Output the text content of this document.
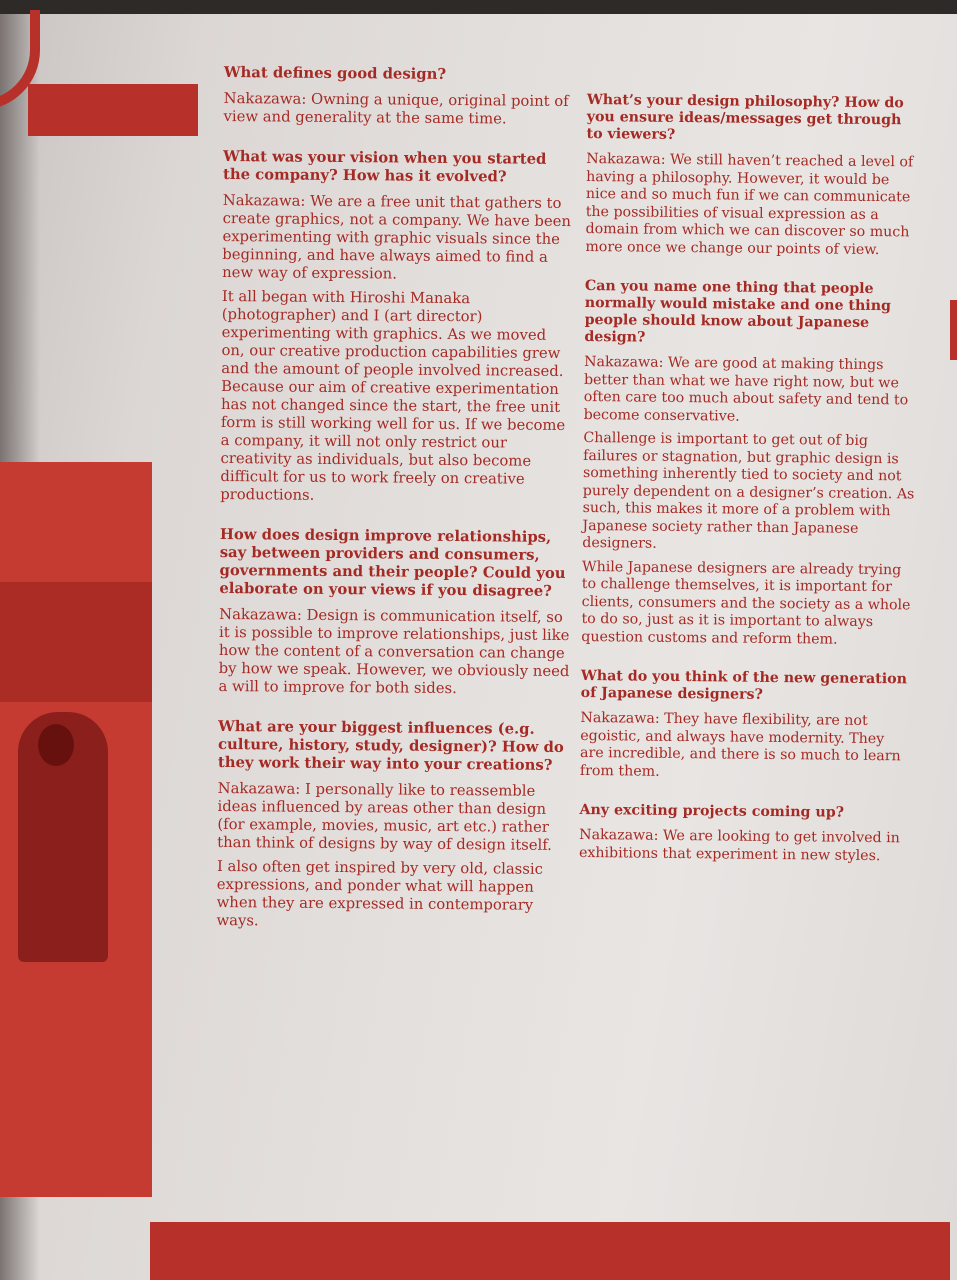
What defines good design?

Nakazawa: Owning a unique, original point of view and generality at the same time.

What was your vision when you started the company? How has it evolved?

Nakazawa: We are a free unit that gathers to create graphics, not a company. We have been experimenting with graphic visuals since the beginning, and have always aimed to find a new way of expression.

It all began with Hiroshi Manaka (photographer) and I (art director) experimenting with graphics. As we moved on, our creative production capabilities grew and the amount of people involved increased. Because our aim of creative experimentation has not changed since the start, the free unit form is still working well for us. If we become a company, it will not only restrict our creativity as individuals, but also become difficult for us to work freely on creative productions.

How does design improve relationships, say between providers and consumers, governments and their people? Could you elaborate on your views if you disagree?

Nakazawa: Design is communication itself, so it is possible to improve relationships, just like how the content of a conversation can change by how we speak. However, we obviously need a will to improve for both sides.

What are your biggest influences (e.g. culture, history, study, designer)? How do they work their way into your creations?

Nakazawa: I personally like to reassemble ideas influenced by areas other than design (for example, movies, music, art etc.) rather than think of designs by way of design itself.

I also often get inspired by very old, classic expressions, and ponder what will happen when they are expressed in contemporary ways.

What’s your design philosophy? How do you ensure ideas/messages get through to viewers?

Nakazawa: We still haven’t reached a level of having a philosophy. However, it would be nice and so much fun if we can communicate the possibilities of visual expression as a domain from which we can discover so much more once we change our points of view.

Can you name one thing that people normally would mistake and one thing people should know about Japanese design?

Nakazawa: We are good at making things better than what we have right now, but we often care too much about safety and tend to become conservative.

Challenge is important to get out of big failures or stagnation, but graphic design is something inherently tied to society and not purely dependent on a designer’s creation. As such, this makes it more of a problem with Japanese society rather than Japanese designers.

While Japanese designers are already trying to challenge themselves, it is important for clients, consumers and the society as a whole to do so, just as it is important to always question customs and reform them.

What do you think of the new generation of Japanese designers?

Nakazawa: They have flexibility, are not egoistic, and always have modernity. They are incredible, and there is so much to learn from them.

Any exciting projects coming up?

Nakazawa: We are looking to get involved in exhibitions that experiment in new styles.
